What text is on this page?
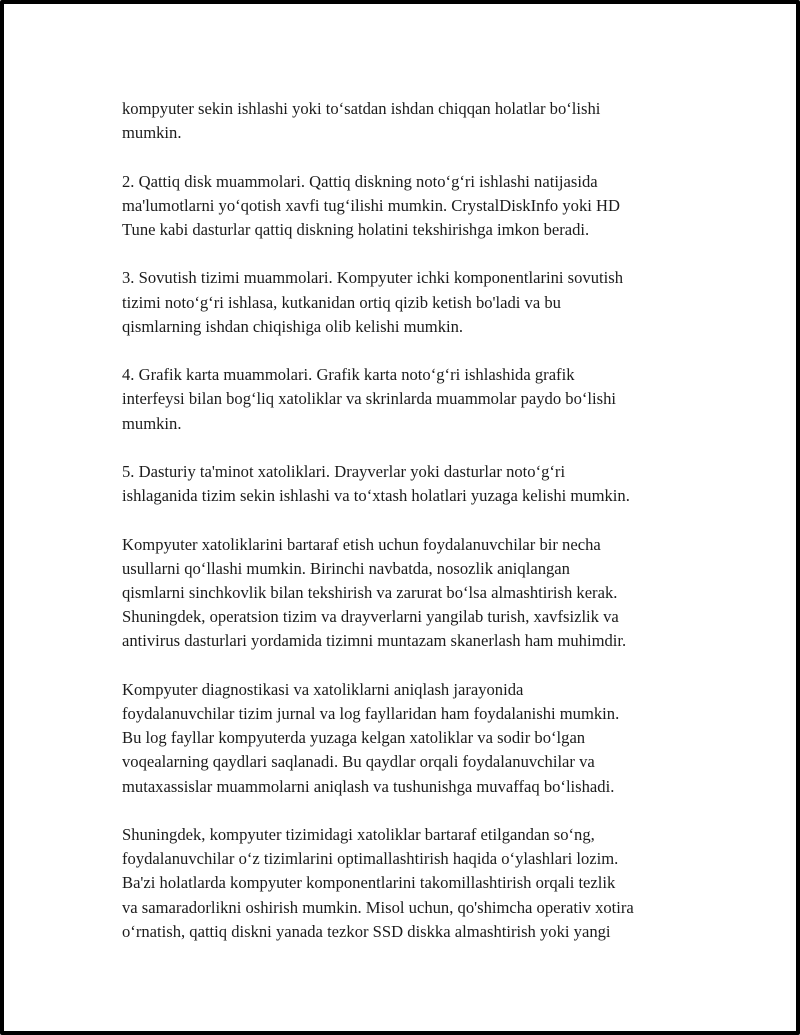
kompyuter sekin ishlashi yoki to‘satdan ishdan chiqqan holatlar bo‘lishi
mumkin.

2. Qattiq disk muammolari. Qattiq diskning noto‘g‘ri ishlashi natijasida
ma'lumotlarni yo‘qotish xavfi tug‘ilishi mumkin. CrystalDiskInfo yoki HD
Tune kabi dasturlar qattiq diskning holatini tekshirishga imkon beradi.

3. Sovutish tizimi muammolari. Kompyuter ichki komponentlarini sovutish
tizimi noto‘g‘ri ishlasa, kutkanidan ortiq qizib ketish bo'ladi va bu
qismlarning ishdan chiqishiga olib kelishi mumkin.

4. Grafik karta muammolari. Grafik karta noto‘g‘ri ishlashida grafik
interfeysi bilan bog‘liq xatoliklar va skrinlarda muammolar paydo bo‘lishi
mumkin.

5. Dasturiy ta'minot xatoliklari. Drayverlar yoki dasturlar noto‘g‘ri
ishlaganida tizim sekin ishlashi va to‘xtash holatlari yuzaga kelishi mumkin.

Kompyuter xatoliklarini bartaraf etish uchun foydalanuvchilar bir necha
usullarni qo‘llashi mumkin. Birinchi navbatda, nosozlik aniqlangan
qismlarni sinchkovlik bilan tekshirish va zarurat bo‘lsa almashtirish kerak.
Shuningdek, operatsion tizim va drayverlarni yangilab turish, xavfsizlik va
antivirus dasturlari yordamida tizimni muntazam skanerlash ham muhimdir.

Kompyuter diagnostikasi va xatoliklarni aniqlash jarayonida
foydalanuvchilar tizim jurnal va log fayllaridan ham foydalanishi mumkin.
Bu log fayllar kompyuterda yuzaga kelgan xatoliklar va sodir bo‘lgan
voqealarning qaydlari saqlanadi. Bu qaydlar orqali foydalanuvchilar va
mutaxassislar muammolarni aniqlash va tushunishga muvaffaq bo‘lishadi.

Shuningdek, kompyuter tizimidagi xatoliklar bartaraf etilgandan so‘ng,
foydalanuvchilar o‘z tizimlarini optimallashtirish haqida o‘ylashlari lozim.
Ba'zi holatlarda kompyuter komponentlarini takomillashtirish orqali tezlik
va samaradorlikni oshirish mumkin. Misol uchun, qo'shimcha operativ xotira
o‘rnatish, qattiq diskni yanada tezkor SSD diskka almashtirish yoki yangi
